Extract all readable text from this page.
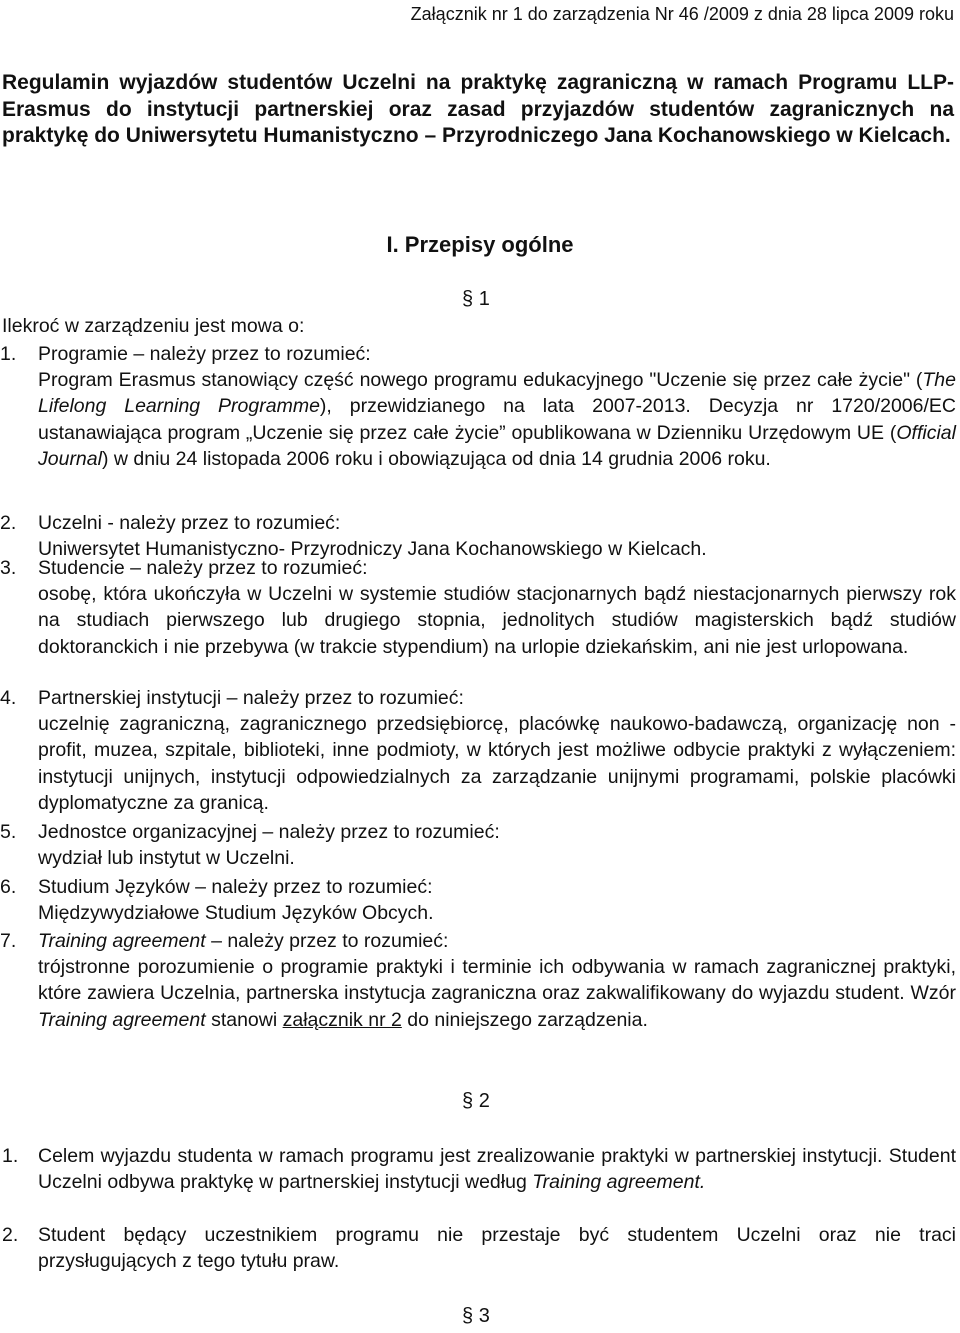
Załącznik nr 1 do zarządzenia Nr 46 /2009 z dnia 28 lipca 2009 roku
Regulamin wyjazdów studentów Uczelni na praktykę zagraniczną w ramach Programu LLP- Erasmus do instytucji partnerskiej oraz zasad przyjazdów studentów zagranicznych na praktykę do Uniwersytetu Humanistyczno – Przyrodniczego Jana Kochanowskiego w Kielcach.
I. Przepisy ogólne
§ 1
Ilekroć w zarządzeniu jest mowa o:
1. Programie – należy przez to rozumieć:
Program Erasmus stanowiący część nowego programu edukacyjnego "Uczenie się przez całe życie" (The Lifelong Learning Programme), przewidzianego na lata 2007-2013. Decyzja nr 1720/2006/EC ustanawiająca program „Uczenie się przez całe życie” opublikowana w Dzienniku Urzędowym UE (Official Journal) w dniu 24 listopada 2006 roku i obowiązująca od dnia 14 grudnia 2006 roku.
2. Uczelni - należy przez to rozumieć:
Uniwersytet Humanistyczno- Przyrodniczy Jana Kochanowskiego w Kielcach.
3. Studencie – należy przez to rozumieć:
osobę, która ukończyła w Uczelni w systemie studiów stacjonarnych bądź niestacjonarnych pierwszy rok na studiach pierwszego lub drugiego stopnia, jednolitych studiów magisterskich bądź studiów doktoranckich i nie przebywa (w trakcie stypendium) na urlopie dziekańskim, ani nie jest urlopowana.
4. Partnerskiej instytucji – należy przez to rozumieć:
uczelnię zagraniczną, zagranicznego przedsiębiorcę, placówkę naukowo-badawczą, organizację non - profit, muzea, szpitale, biblioteki, inne podmioty, w których jest możliwe odbycie praktyki z wyłączeniem: instytucji unijnych, instytucji odpowiedzialnych za zarządzanie unijnymi programami, polskie placówki dyplomatyczne za granicą.
5. Jednostce organizacyjnej – należy przez to rozumieć:
wydział lub instytut w Uczelni.
6. Studium Języków – należy przez to rozumieć:
Międzywydziałowe Studium Języków Obcych.
7. Training agreement – należy przez to rozumieć:
trójstronne porozumienie o programie praktyki i terminie ich odbywania w ramach zagranicznej praktyki, które zawiera Uczelnia, partnerska instytucja zagraniczna oraz zakwalifikowany do wyjazdu student. Wzór Training agreement stanowi załącznik nr 2 do niniejszego zarządzenia.
§ 2
1. Celem wyjazdu studenta w ramach programu jest zrealizowanie praktyki w partnerskiej instytucji. Student Uczelni odbywa praktykę w partnerskiej instytucji według Training agreement.
2. Student będący uczestnikiem programu nie przestaje być studentem Uczelni oraz nie traci przysługujących z tego tytułu praw.
§ 3
